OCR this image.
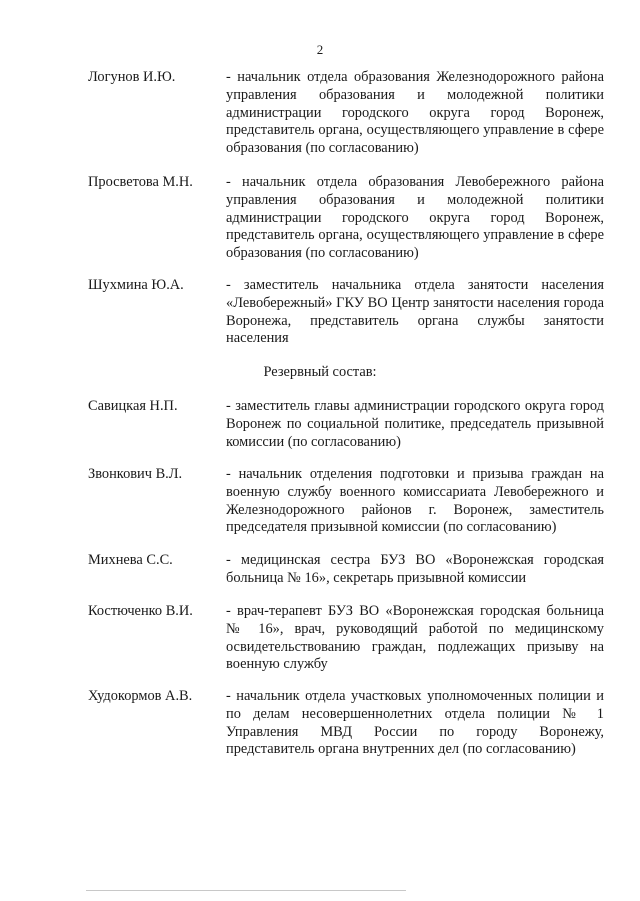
2
Логунов И.Ю.	- начальник отдела образования Железнодорожного района управления образования и молодежной политики администрации городского округа город Воронеж, представитель органа, осуществляющего управление в сфере образования (по согласованию)
Просветова М.Н.	- начальник отдела образования Левобережного района управления образования и молодежной политики администрации городского округа город Воронеж, представитель органа, осуществляющего управление в сфере образования (по согласованию)
Шухмина Ю.А.	- заместитель начальника отдела занятости населения «Левобережный» ГКУ ВО Центр занятости населения города Воронежа, представитель органа службы занятости населения
Резервный состав:
Савицкая Н.П.	- заместитель главы администрации городского округа город Воронеж по социальной политике, председатель призывной комиссии (по согласованию)
Звонкович В.Л.	- начальник отделения подготовки и призыва граждан на военную службу военного комиссариата Левобережного и Железнодорожного районов г. Воронеж, заместитель председателя призывной комиссии (по согласованию)
Михнева С.С.	- медицинская сестра БУЗ ВО «Воронежская городская больница № 16», секретарь призывной комиссии
Костюченко В.И.	- врач-терапевт БУЗ ВО «Воронежская городская больница № 16», врач, руководящий работой по медицинскому освидетельствованию граждан, подлежащих призыву на военную службу
Худокормов А.В.	- начальник отдела участковых уполномоченных полиции и по делам несовершеннолетних отдела полиции № 1 Управления МВД России по городу Воронежу, представитель органа внутренних дел (по согласованию)
